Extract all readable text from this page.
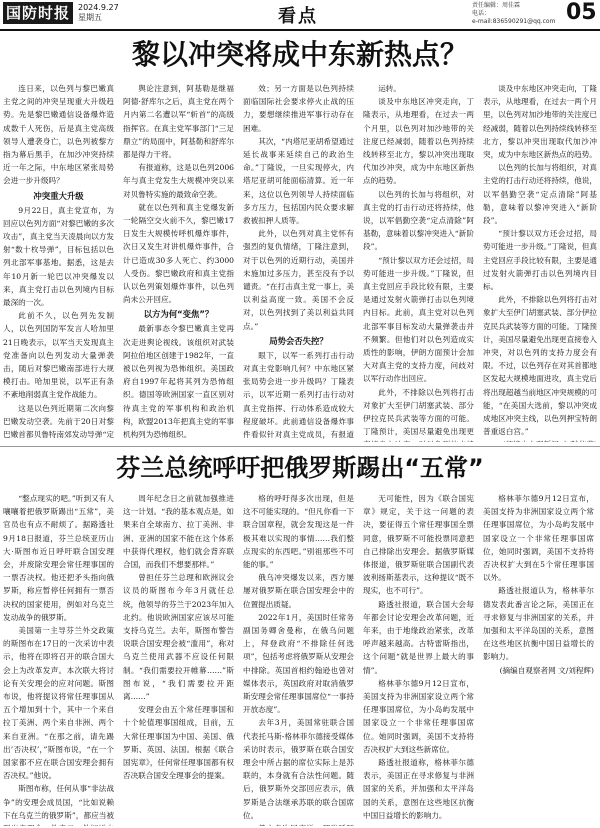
国防时报	2024.9.27
星期五	看点
责任编辑：周佳霖
电话：
e-mail:836590291@qq.com 05
黎以冲突将成中东新热点？

连日来，以色列与黎巴嫩真主党之间的冲突呈现重大升级趋势。先是黎巴嫩通信设备爆炸造成数千人死伤，后是真主党高级领导人遭袭身亡，以色列被黎方指为幕后黑手，在加沙冲突持续近一年之际，中东地区紧张局势会进一步升级吗？

冲突重大升级

9月22日，真主党宣布，为回应以色列方面“对黎巴嫩的多次攻击”，真主党当天凌晨向以方发射“数十枚导弹”，目标包括以色列北部军事基地。据悉，这是去年10月新一轮巴以冲突爆发以来，真主党打击以色列境内目标最深的一次。

此前不久，以色列先发制人，以色列国防军发言人哈加里21日晚表示，以军当天发现真主党准备向以色列发动大量弹袭击，随后对黎巴嫩南部进行大规模打击。哈加里说，以军正有条不紊地削弱真主党作战能力。

这是以色列近期第二次向黎巴嫩发动空袭。先前于20日对黎巴嫩首都贝鲁特南郊发动导弹“定

舆论注意到，阿基勒是继福阿德·舒库尔之后，真主党在两个月内第二名遭以军“斩首”的高级指挥官。在真主党军事部门“三足鼎立”的局面中，阿基勒和舒库尔都是得力干将。

有报道称，这是以色列2006年与真主党发生大规模冲突以来对贝鲁特实施的最致命空袭。

就在以色列和真主党爆发新一轮隔空交火前不久，黎巴嫩17日发生大规模传呼机爆炸事件，次日又发生对讲机爆炸事件，合计已造成30多人死亡、约3000人受伤。黎巴嫩政府和真主党指认以色列策划爆炸事件，以色列尚未公开回应。

以方为何“变焦”？

最新事态令黎巴嫩真主党再次走进舆论视线。该组织对武装阿拉伯地区创建于1982年，一直被以色列视为恐怖组织。美国政府自1997年起将其列为恐怖组织。德国等欧洲国家一直区别对待真主党的军事机构和政治机构，欧盟2013年把真主党的军事机构列为恐怖组织。

效；另一方面是以色列持续面临国际社会要求停火止战的压力，要想继续推进军事行动存在困难。

其次，“内塔尼亚胡希望通过延长战事来延续自己的政治生命。”丁隆说，一旦实现停火，内塔尼亚胡可能面临清算。近一年来，这位以色列领导人持续面临多方压力，包括国内民众要求解救被扣押人质等。

此外，以色列对真主党怀有强烈的复仇情绪，丁隆注意到，对于以色列的近期行动，美国并未施加过多压力，甚至没有予以谴责。“在打击真主党一事上，美以利益高度一致。美国不会反对，以色列找到了美以利益共同点。”

局势会否失控？

眼下，以军一系列打击行动对真主党影响几何？中东地区紧张局势会进一步升级吗？丁隆表示，以军近期一系列打击行动对真主党指挥、行动体系造成较大程度破坏。此前通信设备爆炸事件看似针对真主党成员，有报道

运转。

谈及中东地区冲突走向，丁隆表示，从地理看，在过去一两个月里，以色列对加沙地带的关注度已经减弱，随着以色列持续线转移至北方，黎以冲突出现取代加沙冲突，成为中东地区新热点的趋势。

以色列的长加与将组织，对真主党的打击行动还将持续，他说，以军倡勤空袭“定点清除”阿基勒，意味着以黎冲突进入“新阶段”。

“预计黎以双方还会过招，局势可能进一步升级。”丁隆说，但真主党回应手段比较有限，主要是通过发射火箭弹打击以色列境内目标。此前，真主党对以色列北部军事目标发动大量弹袭击并不频繁。但他们对以色列造成实质性的影响，伊朗方面预计会加大对真主党的支持力度，问歧对以军行动作出回应。

此外，不排除以色列将打击对象扩大至伊门胡塞武装、部分伊拉克民兵武装等方面的可能。丁隆预计，美国尽量避免出现更

谈及中东地区冲突走向，丁隆表示，从地理看，在过去一两个月里，以色列对加沙地带的关注度已经减弱，随着以色列持续线转移至北方，黎以冲突出现取代加沙冲突，成为中东地区新热点的趋势。

以色列的长加与将组织，对真主党的打击行动还将持续，他说，以军倡勤空袭“定点清除”阿基勒，意味着以黎冲突进入“新阶段”。

“预计黎以双方还会过招，局势可能进一步升级。”丁隆说，但真主党回应手段比较有限，主要是通过发射火箭弹打击以色列境内目标。

此外，不排除以色列将打击对象扩大至伊门胡塞武装、部分伊拉克民兵武装等方面的可能。丁隆预计，美国尽量避免出现更直接卷入冲突，对以色列的支持力度会有限。不过，以色列存在对其首都地区发起大规模地面进攻，真主党后将出现超越当前地区冲突规模的可能，“在美国大选前，黎以冲突成成地区冲突主线，以色列押宝特朗普重返白宫。”

芬兰总统呼吁把俄罗斯踢出“五常”

“整点现实的吧。”听到又有人嚷嚷着把俄罗斯踢出“五常”，美官员也有点不耐烦了。据路透社9月18日报道，芬兰总统亚历山大·斯图布近日呼吁联合国安理会，并废除安理会常任理事国的一票否决权。他还把矛头指向俄罗斯，称应暂停任何拥有一票否决权的国家使用，例如对乌克兰发动战争的俄罗斯。

美国第一主导芬兰外交政策的斯图布在17日的一次采访中表示，他将在即将召开的联合国大会上为改革发声。本次联大将讨论有关安理会的应对问题。斯图布说，他将提议将常任理事国从五个增加到十个，其中一个来自拉丁美洲、两个来自非洲、两个来自亚洲。“在那之前，请先踢出’否决权’，”斯图布说，“在一个国家都不应在联合国安理会拥有否决权。”他说。

斯图布称，任何从事“非法战争”的安理会成员国，“比如说赖下在乌克兰的俄罗斯”，都应当被

周年纪念日之前就加强推进这一计划。“我的基本观点是，如果来自全球南方、拉丁美洲、非洲、亚洲的国家不能在这个体系中获得代理权，他们就会背弃联合国，而我们不想要那样。”

曾担任芬兰总理和欧洲议会议员的斯图布今年3月就任总统，他领导的芬兰于2023年加入北约。他说欧洲国家应该尽可能支持乌克兰。去年，斯图布警告说联合国安理会被“滥用”，称对乌克兰使用武器不应设任何限制。“我们需要拉开帷幕……”斯图布说，“我们需要拉开距离……”

安理会由五个常任理事国和十个轮值理事国组成，目前，五大常任理事国为中国、美国、俄罗斯、英国、法国。根据《联合国宪章》，任何常任理事国都有权否决联合国安全理事会的提案。

格的呼吁得多次出现，但是这不可能实现的。“但凡你看一下联合国章程，就会发现这是一件极其难以实现的事情……我们整点现实的东西吧。”别祖那些不可能的事。”

俄乌冲突爆发以来，西方屡屡对俄罗斯在联合国安理会中的位置提出质疑。

2022年1月，美国时任常务副国务卿舍曼称，在俄乌问题上，拜登政府“不排除任何选项”，包括考虑将俄罗斯从安理会中排除。英国首相约翰逊也曾对媒体表示，英国政府对取消俄罗斯安理会常任理事国席位“一事持开放态度”。

去年3月，美国常驻联合国代表托马斯-格林菲尔德接受媒体采访时表示，俄罗斯在联合国安理会中所占据的席位实际上是苏联的，本身就有合法性问题。随后，俄罗斯外交部回应表示，俄罗斯是合法继承苏联的联合国席位。

无可能性，因为《联合国宪章》规定，关于这一问题的表决，要征得五个常任理事国全票同意，俄罗斯不可能投票同意把自己排除出安理会。据俄罗斯媒体报道，俄罗斯驻联合国副代表波利扬斯基表示，这种提议“既不现实，也不可行”。

路透社报道，联合国大会每年都会讨论安理会改革问题，近年来，由于地缘政治紧张，改革呼声越来越高。古特雷斯指出，这个问题“就是世界上最大的事情”。

格林菲尔德9月12日宣布，美国支持为非洲国家设立两个常任理事国席位，为小岛屿发展中国家设立一个非常任理事国席位。她同时强调，美国不支持将否决权扩大到这些新席位。

路透社报道称，格林菲尔德表示，美国正在寻求修复与非洲国家的关系，并加强和太平洋岛国的关系，意图在这些地区抗衡中国日益增长的影响力。

格林菲尔德9月12日宣布，美国支持为非洲国家设立两个常任理事国席位，为小岛屿发展中国家设立一个非常任理事国席位，她同时强调，美国不支持将否决权扩大到在5个常任理事国以外。

路透社报道认为，格林菲尔德发表此番言论之际，美国正在寻求修复与非洲国家的关系，并加强和太平洋岛国的关系，意图在这些地区抗衡中国日益增长的影响力。

(摘编自观察者网 文/刘程辉)
